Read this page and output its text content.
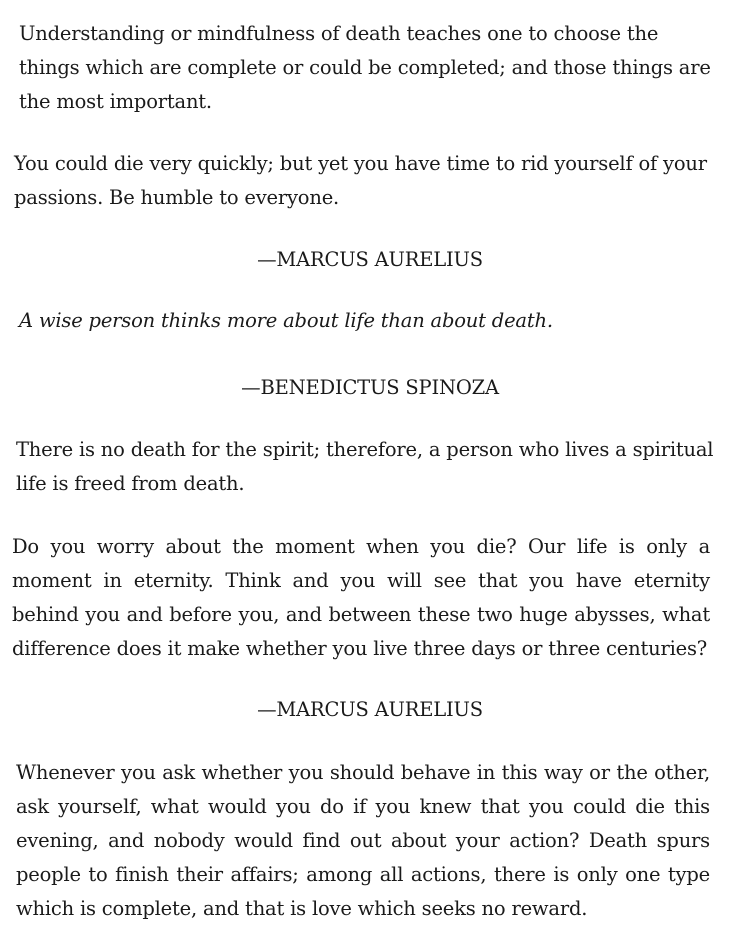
Understanding or mindfulness of death teaches one to choose the things which are complete or could be completed; and those things are the most important.

You could die very quickly; but yet you have time to rid yourself of your passions. Be humble to everyone.

—MARCUS AURELIUS

A wise person thinks more about life than about death.

—BENEDICTUS SPINOZA

There is no death for the spirit; therefore, a person who lives a spiritual life is freed from death.

Do you worry about the moment when you die? Our life is only a moment in eternity. Think and you will see that you have eternity behind you and before you, and between these two huge abysses, what difference does it make whether you live three days or three centuries?

—MARCUS AURELIUS

Whenever you ask whether you should behave in this way or the other, ask yourself, what would you do if you knew that you could die this evening, and nobody would find out about your action? Death spurs people to finish their affairs; among all actions, there is only one type which is complete, and that is love which seeks no reward.
